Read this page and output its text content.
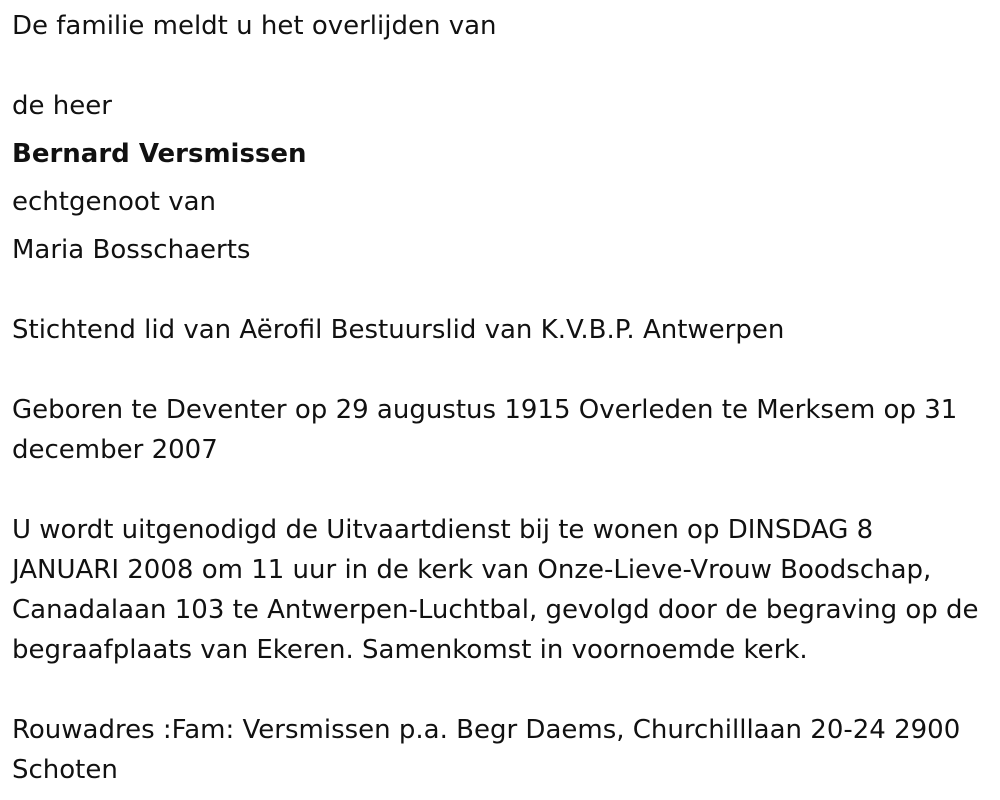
De familie meldt u het overlijden van

de heer
Bernard Versmissen
echtgenoot van
Maria Bosschaerts

Stichtend lid van Aërofil Bestuurslid van K.V.B.P. Antwerpen

Geboren te Deventer op 29 augustus 1915 Overleden te Merksem op 31 december 2007

U wordt uitgenodigd de Uitvaartdienst bij te wonen op DINSDAG 8 JANUARI 2008 om 11 uur in de kerk van Onze-Lieve-Vrouw Boodschap, Canadalaan 103 te Antwerpen-Luchtbal, gevolgd door de begraving op de begraafplaats van Ekeren. Samenkomst in voornoemde kerk.

Rouwadres :Fam: Versmissen p.a. Begr Daems, Churchilllaan 20-24 2900 Schoten
